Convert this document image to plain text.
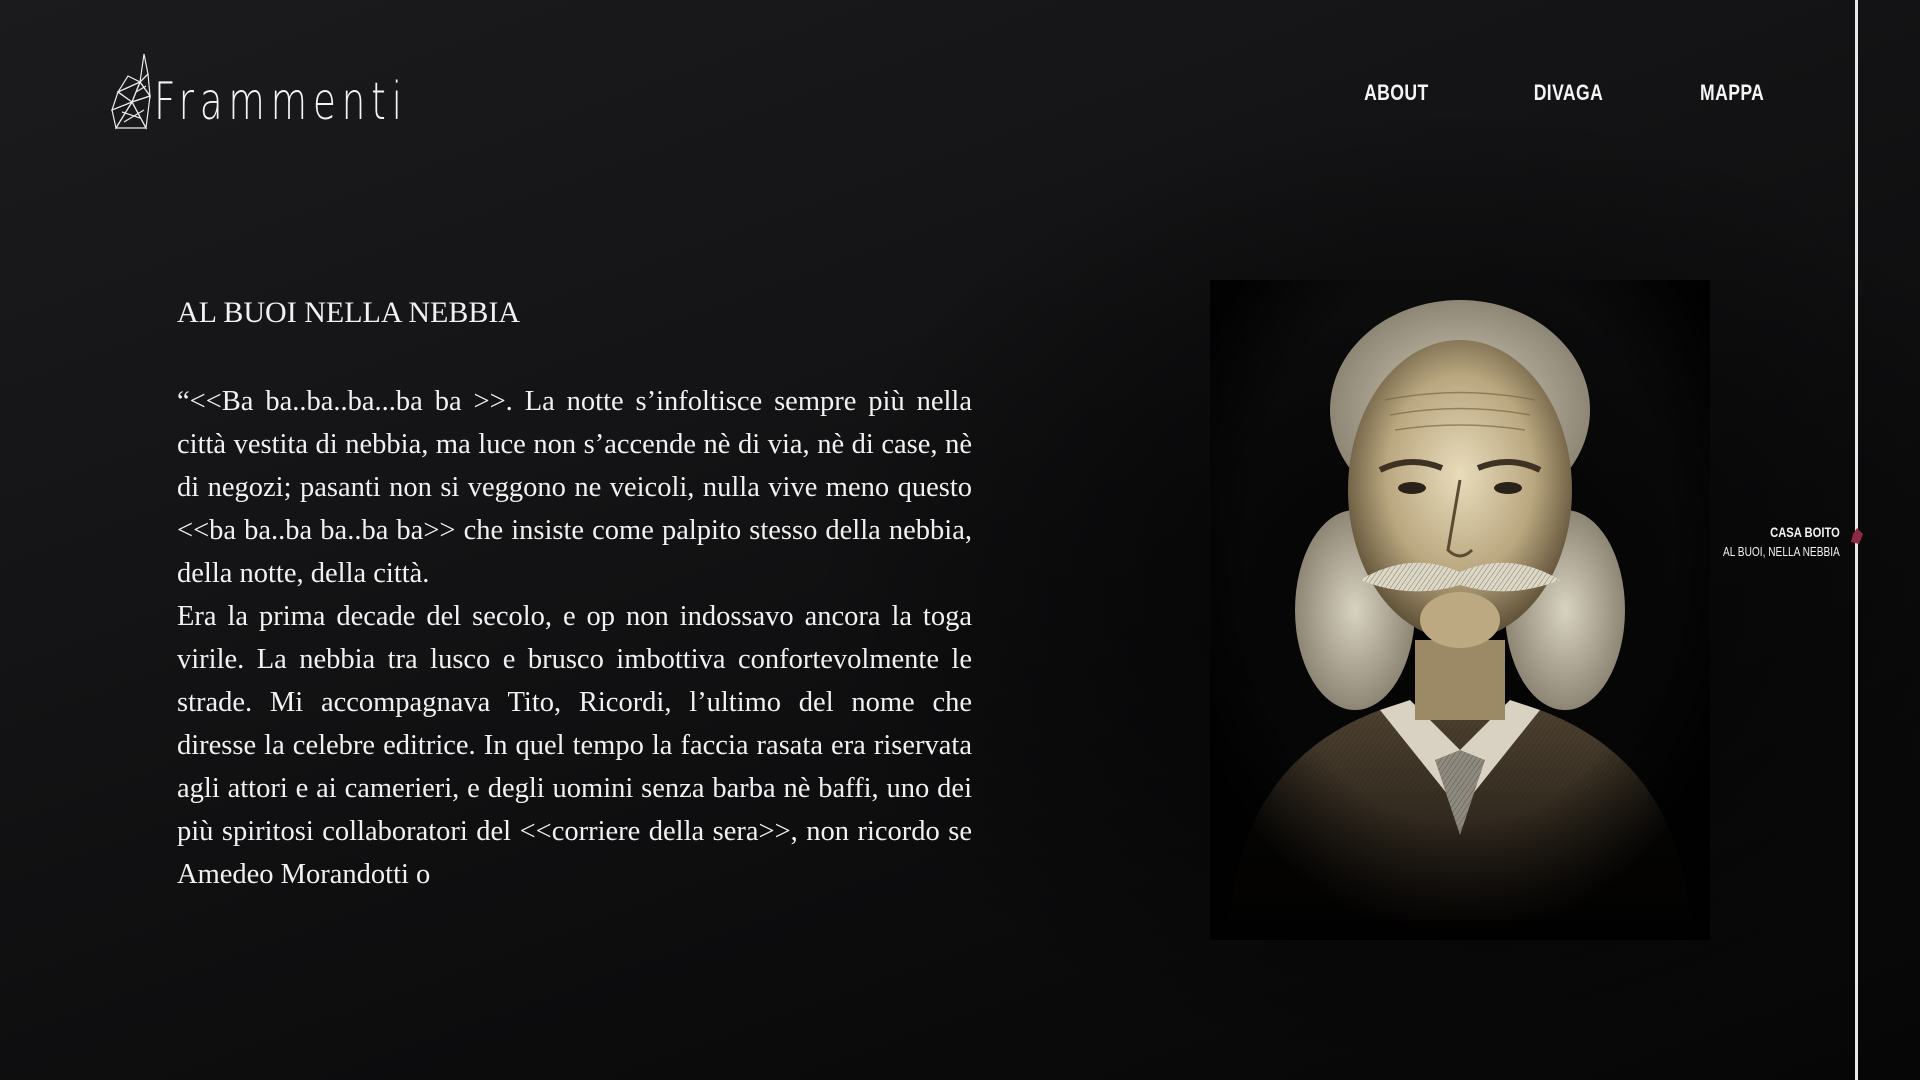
Frammenti	ABOUT	DIVAGA	MAPPA
AL BUOI NELLA NEBBIA

“<<Ba ba..ba..ba...ba ba >>. La notte s’infoltisce sempre più nella città vestita di nebbia, ma luce non s’accende nè di via, nè di case, nè di negozi; pasanti non si veggono ne veicoli, nulla vive meno questo <<ba ba..ba ba..ba ba>> che insiste come palpito stesso della nebbia, della notte, della città.

Era la prima decade del secolo, e op non indossavo ancora la toga virile. La nebbia tra lusco e brusco imbottiva confortevolmente le strade. Mi accompagnava Tito, Ricordi, l’ultimo del nome che diresse la celebre editrice. In quel tempo la faccia rasata era riservata agli attori e ai camerieri, e degli uomini senza barba nè baffi, uno dei più spiritosi collaboratori del <<corriere della sera>>, non ricordo se Amedeo Morandotti o

CASA BOITO
AL BUOI, NELLA NEBBIA
